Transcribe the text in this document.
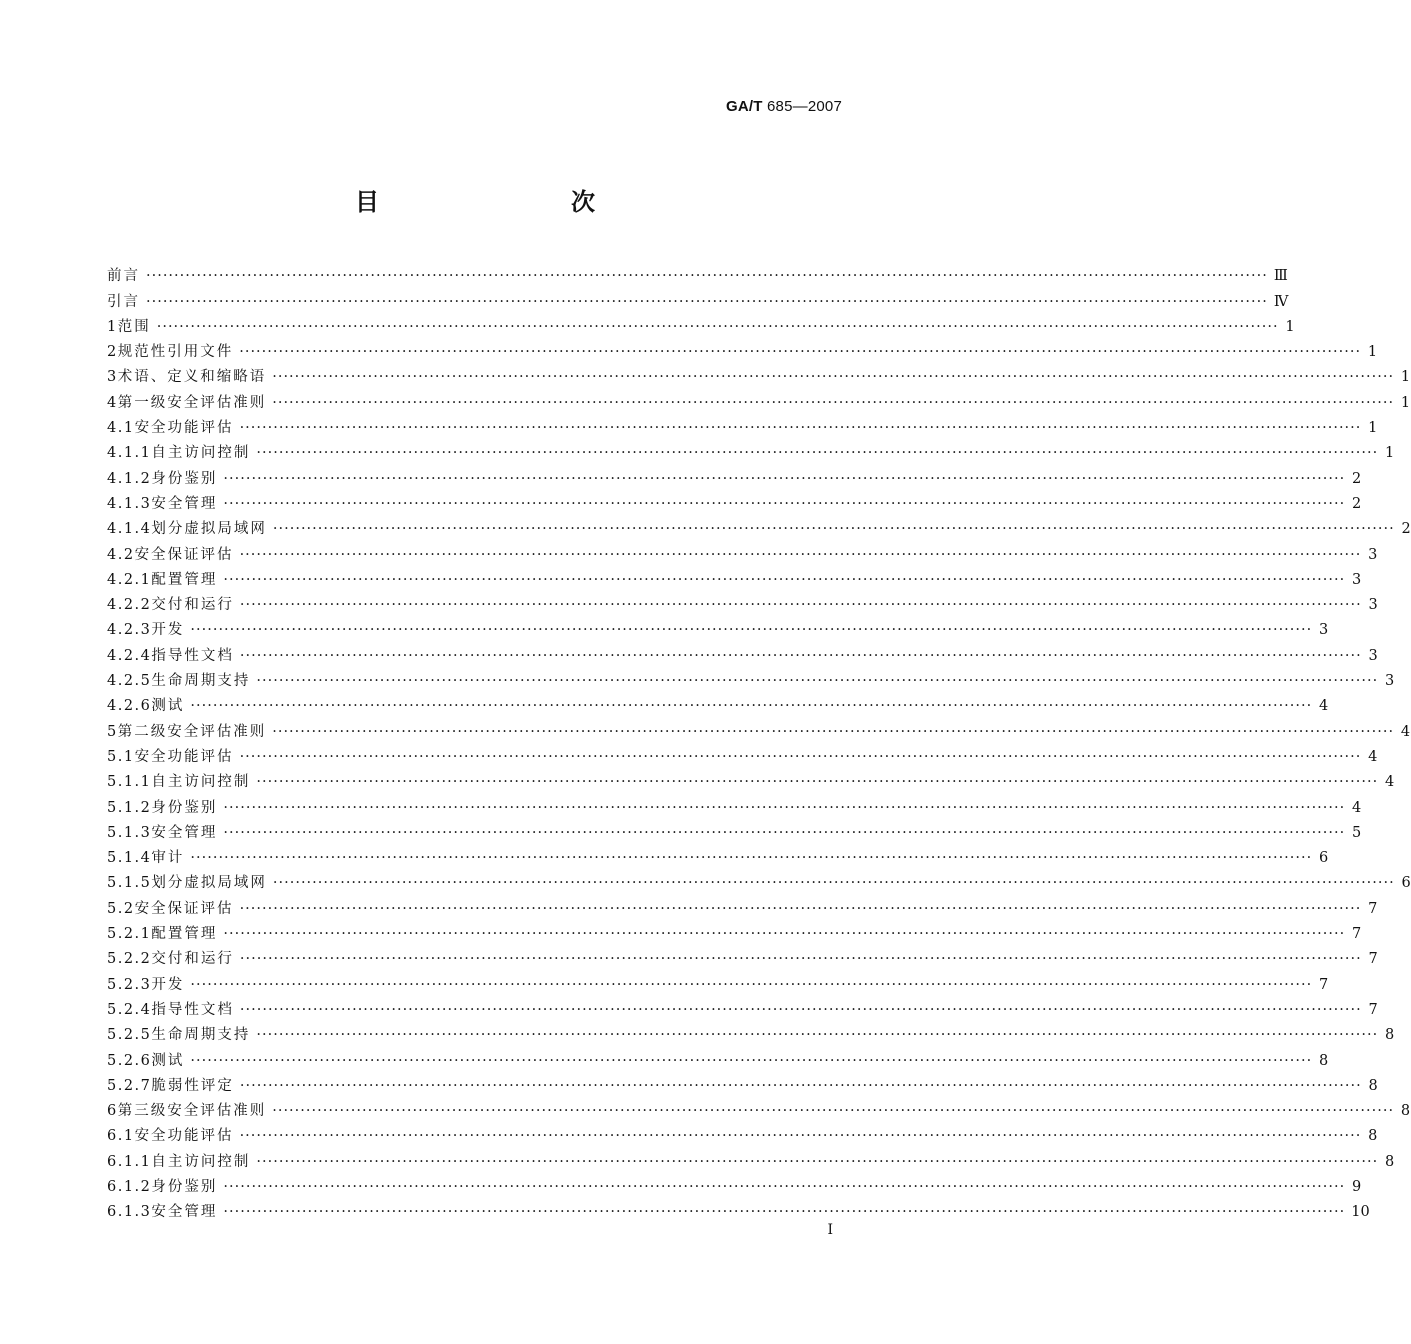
GA/T 685—2007
目　　次
前言 ········································································································································································································ Ⅲ
引言 ········································································································································································································ Ⅳ
1 范围 ········································································································································································································ 1
2 规范性引用文件 ········································································································································································································ 1
3 术语、定义和缩略语 ········································································································································································································ 1
4 第一级安全评估准则 ········································································································································································································ 1
4.1 安全功能评估 ········································································································································································································ 1
4.1.1 自主访问控制 ········································································································································································································ 1
4.1.2 身份鉴别 ········································································································································································································ 2
4.1.3 安全管理 ········································································································································································································ 2
4.1.4 划分虚拟局域网 ········································································································································································································ 2
4.2 安全保证评估 ········································································································································································································ 3
4.2.1 配置管理 ········································································································································································································ 3
4.2.2 交付和运行 ········································································································································································································ 3
4.2.3 开发 ········································································································································································································ 3
4.2.4 指导性文档 ········································································································································································································ 3
4.2.5 生命周期支持 ········································································································································································································ 3
4.2.6 测试 ········································································································································································································ 4
5 第二级安全评估准则 ········································································································································································································ 4
5.1 安全功能评估 ········································································································································································································ 4
5.1.1 自主访问控制 ········································································································································································································ 4
5.1.2 身份鉴别 ········································································································································································································ 4
5.1.3 安全管理 ········································································································································································································ 5
5.1.4 审计 ········································································································································································································ 6
5.1.5 划分虚拟局域网 ········································································································································································································ 6
5.2 安全保证评估 ········································································································································································································ 7
5.2.1 配置管理 ········································································································································································································ 7
5.2.2 交付和运行 ········································································································································································································ 7
5.2.3 开发 ········································································································································································································ 7
5.2.4 指导性文档 ········································································································································································································ 7
5.2.5 生命周期支持 ········································································································································································································ 8
5.2.6 测试 ········································································································································································································ 8
5.2.7 脆弱性评定 ········································································································································································································ 8
6 第三级安全评估准则 ········································································································································································································ 8
6.1 安全功能评估 ········································································································································································································ 8
6.1.1 自主访问控制 ········································································································································································································ 8
6.1.2 身份鉴别 ········································································································································································································ 9
6.1.3 安全管理 ········································································································································································································ 10
I
